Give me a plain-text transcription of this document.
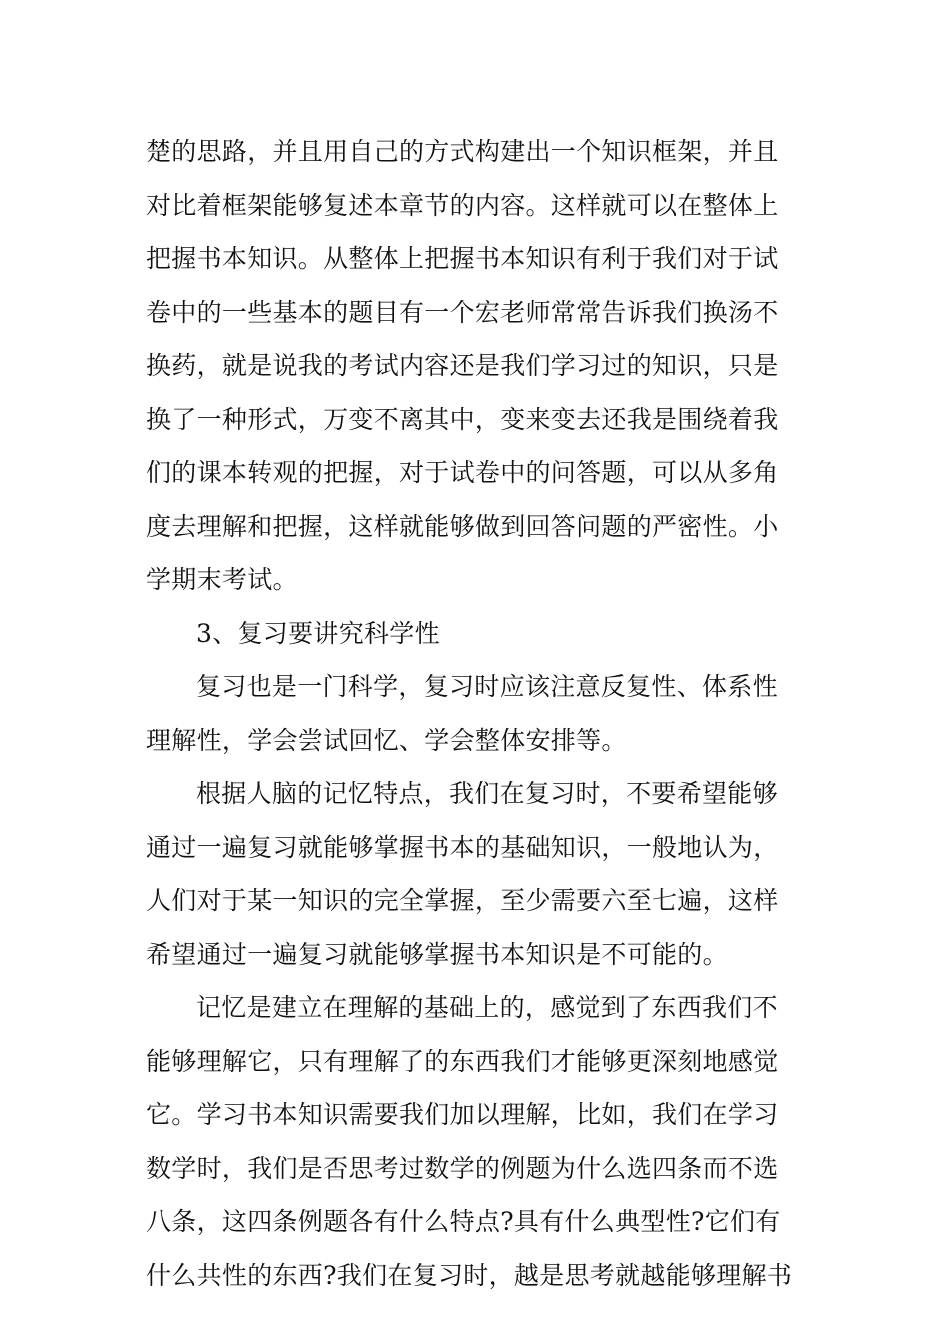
楚的思路，并且用自己的方式构建出一个知识框架，并且
对比着框架能够复述本章节的内容。这样就可以在整体上
把握书本知识。从整体上把握书本知识有利于我们对于试
卷中的一些基本的题目有一个宏老师常常告诉我们换汤不
换药，就是说我的考试内容还是我们学习过的知识，只是
换了一种形式，万变不离其中，变来变去还我是围绕着我
们的课本转观的把握，对于试卷中的问答题，可以从多角
度去理解和把握，这样就能够做到回答问题的严密性。小
学期末考试。
3、复习要讲究科学性
复习也是一门科学，复习时应该注意反复性、体系性
理解性，学会尝试回忆、学会整体安排等。
根据人脑的记忆特点，我们在复习时，不要希望能够
通过一遍复习就能够掌握书本的基础知识，一般地认为，
人们对于某一知识的完全掌握，至少需要六至七遍，这样
希望通过一遍复习就能够掌握书本知识是不可能的。
记忆是建立在理解的基础上的，感觉到了东西我们不
能够理解它，只有理解了的东西我们才能够更深刻地感觉
它。学习书本知识需要我们加以理解，比如，我们在学习
数学时，我们是否思考过数学的例题为什么选四条而不选
八条，这四条例题各有什么特点?具有什么典型性?它们有
什么共性的东西?我们在复习时，越是思考就越能够理解书
